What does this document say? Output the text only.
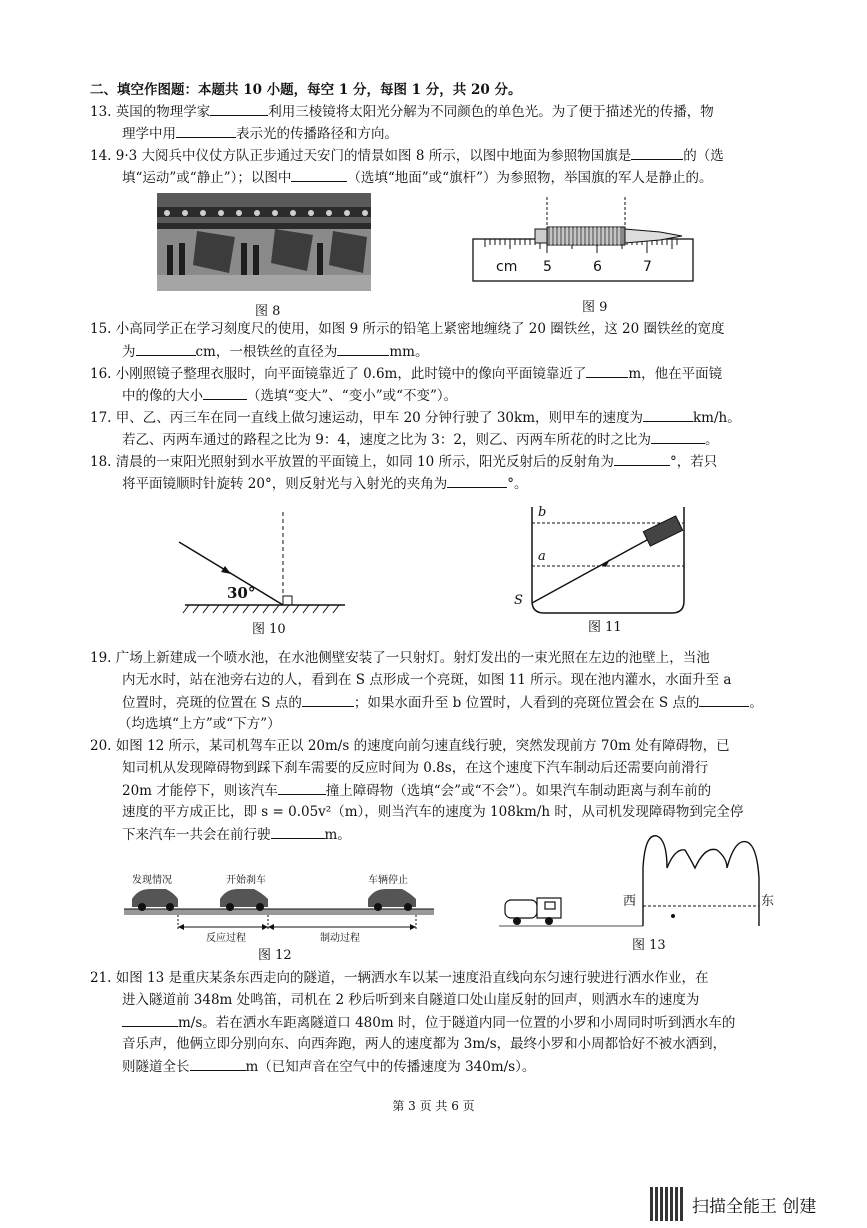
二、填空作图题：本题共 10 小题，每空 1 分，每图 1 分，共 20 分。
13. 英国的物理学家	利用三棱镜将太阳光分解为不同颜色的单色光。为了便于描述光的传播，物
理学中用	表示光的传播路径和方向。
14. 9·3 大阅兵中仪仗方队正步通过天安门的情景如图 8 所示，以图中地面为参照物国旗是	的（选
填“运动”或“静止”）；以图中	（选填“地面”或“旗杆”）为参照物，举国旗的军人是静止的。
图 8
cm 5	6	7
图 9
15. 小高同学正在学习刻度尺的使用，如图 9 所示的铅笔上紧密地缠绕了 20 圈铁丝，这 20 圈铁丝的宽度
为	cm，一根铁丝的直径为	mm。
16. 小刚照镜子整理衣服时，向平面镜靠近了 0.6m，此时镜中的像向平面镜靠近了	m，他在平面镜
中的像的大小	（选填“变大”、“变小”或“不变”）。
17. 甲、乙、丙三车在同一直线上做匀速运动，甲车 20 分钟行驶了 30km，则甲车的速度为	km/h。
若乙、丙两车通过的路程之比为 9：4，速度之比为 3：2，则乙、丙两车所花的时之比为	。
18. 清晨的一束阳光照射到水平放置的平面镜上，如同 10 所示，阳光反射后的反射角为	°，若只
将平面镜顺时针旋转 20°，则反射光与入射光的夹角为	°。
30°
图 10
b
a
S
图 11
19. 广场上新建成一个喷水池，在水池侧壁安装了一只射灯。射灯发出的一束光照在左边的池壁上，当池
内无水时，站在池旁右边的人，看到在 S 点形成一个亮斑，如图 11 所示。现在池内灌水，水面升至 a
位置时，亮斑的位置在 S 点的	；如果水面升至 b 位置时，人看到的亮斑位置会在 S 点的	。
（均选填“上方”或“下方”）
20. 如图 12 所示，某司机驾车正以 20m/s 的速度向前匀速直线行驶，突然发现前方 70m 处有障碍物，已
知司机从发现障碍物到踩下刹车需要的反应时间为 0.8s，在这个速度下汽车制动后还需要向前滑行
20m 才能停下，则该汽车	撞上障碍物（选填“会”或“不会”）。如果汽车制动距离与刹车前的
速度的平方成正比，即 s = 0.05v²（m），则当汽车的速度为 108km/h 时，从司机发现障碍物到完全停
下来汽车一共会在前行驶	m。
发现情况	开始刹车	车辆停止
反应过程	制动过程
图 12
西	东
图 13
21. 如图 13 是重庆某条东西走向的隧道，一辆洒水车以某一速度沿直线向东匀速行驶进行洒水作业，在
进入隧道前 348m 处鸣笛，司机在 2 秒后听到来自隧道口处山崖反射的回声，则洒水车的速度为
m/s。若在洒水车距离隧道口 480m 时，位于隧道内同一位置的小罗和小周同时听到洒水车的
音乐声，他俩立即分别向东、向西奔跑，两人的速度都为 3m/s，最终小罗和小周都恰好不被水洒到，
则隧道全长	m（已知声音在空气中的传播速度为 340m/s）。
第 3 页 共 6 页
扫描全能王 创建
